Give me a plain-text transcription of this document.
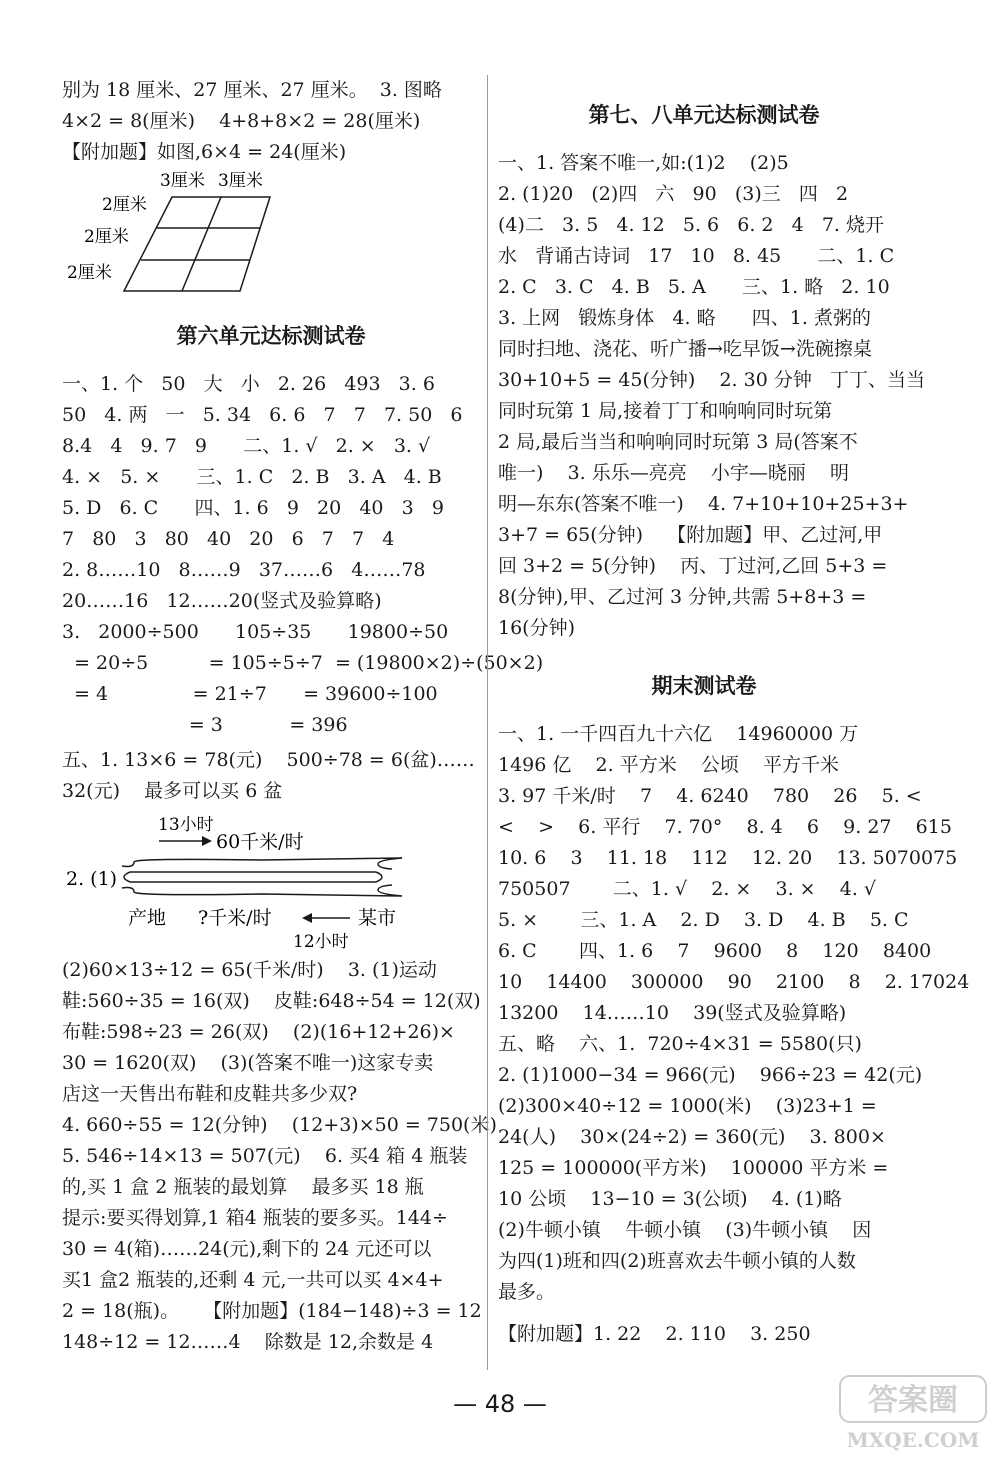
别为 18 厘米、27 厘米、27 厘米。  3. 图略
4×2 = 8(厘米)    4+8+8×2 = 28(厘米)
【附加题】如图,6×4 = 24(厘米)
3厘米 3厘米
2厘米
2厘米
2厘米
第六单元达标测试卷
一、1. 个   50   大   小   2. 26   493   3. 6
50   4. 两   一   5. 34   6. 6   7   7   7. 50   6
8.4   4   9. 7   9      二、1. √   2. ×   3. √
4. ×   5. ×      三、1. C   2. B   3. A   4. B
5. D   6. C      四、1. 6   9   20   40   3   9
7   80   3   80   40   20   6   7   7   4
2. 8……10   8……9   37……6   4……78
20……16   12……20(竖式及验算略)
3.   2000÷500      105÷35      19800÷50
= 20÷5          = 105÷5÷7  = (19800×2)÷(50×2)
= 4              = 21÷7      = 39600÷100
= 3           = 396
五、1. 13×6 = 78(元)    500÷78 = 6(盆)……
32(元)    最多可以买 6 盆
13小时
60千米/时
2. (1)
产地 ?千米/时	某市
12小时
(2)60×13÷12 = 65(千米/时)    3. (1)运动
鞋:560÷35 = 16(双)    皮鞋:648÷54 = 12(双)
布鞋:598÷23 = 26(双)    (2)(16+12+26)×
30 = 1620(双)    (3)(答案不唯一)这家专卖
店这一天售出布鞋和皮鞋共多少双?
4. 660÷55 = 12(分钟)    (12+3)×50 = 750(米)
5. 546÷14×13 = 507(元)    6. 买4 箱 4 瓶装
的,买 1 盒 2 瓶装的最划算    最多买 18 瓶
提示:要买得划算,1 箱4 瓶装的要多买。144÷
30 = 4(箱)……24(元),剩下的 24 元还可以
买1 盒2 瓶装的,还剩 4 元,一共可以买 4×4+
2 = 18(瓶)。    【附加题】(184−148)÷3 = 12
148÷12 = 12……4    除数是 12,余数是 4
第七、八单元达标测试卷
一、1. 答案不唯一,如:(1)2    (2)5
2. (1)20   (2)四   六   90   (3)三   四   2
(4)二   3. 5   4. 12   5. 6   6. 2   4   7. 烧开
水   背诵古诗词   17   10   8. 45      二、1. C
2. C   3. C   4. B   5. A      三、1. 略   2. 10
3. 上网   锻炼身体   4. 略      四、1. 煮粥的
同时扫地、浇花、听广播→吃早饭→洗碗擦桌
30+10+5 = 45(分钟)    2. 30 分钟   丁丁、当当
同时玩第 1 局,接着丁丁和响响同时玩第
2 局,最后当当和响响同时玩第 3 局(答案不
唯一)    3. 乐乐—亮亮    小宇—晓丽    明
明—东东(答案不唯一)    4. 7+10+10+25+3+
3+7 = 65(分钟)    【附加题】甲、乙过河,甲
回 3+2 = 5(分钟)    丙、丁过河,乙回 5+3 =
8(分钟),甲、乙过河 3 分钟,共需 5+8+3 =
16(分钟)
期末测试卷
一、1. 一千四百九十六亿    14960000 万
1496 亿    2. 平方米    公顷    平方千米
3. 97 千米/时    7    4. 6240    780    26    5. <
<    >    6. 平行    7. 70°    8. 4    6    9. 27    615
10. 6    3    11. 18    112    12. 20    13. 5070075
750507       二、1. √    2. ×    3. ×    4. √
5. ×       三、1. A    2. D    3. D    4. B    5. C
6. C       四、1. 6    7    9600    8    120    8400
10    14400    300000    90    2100    8    2. 17024
13200    14……10    39(竖式及验算略)
五、略    六、1.  720÷4×31 = 5580(只)
2. (1)1000−34 = 966(元)    966÷23 = 42(元)
(2)300×40÷12 = 1000(米)    (3)23+1 =
24(人)    30×(24÷2) = 360(元)    3. 800×
125 = 100000(平方米)    100000 平方米 =
10 公顷    13−10 = 3(公顷)    4. (1)略
(2)牛顿小镇    牛顿小镇    (3)牛顿小镇    因
为四(1)班和四(2)班喜欢去牛顿小镇的人数
最多。
【附加题】1. 22    2. 110    3. 250
— 48 —	答案圈
MXQE.COM
